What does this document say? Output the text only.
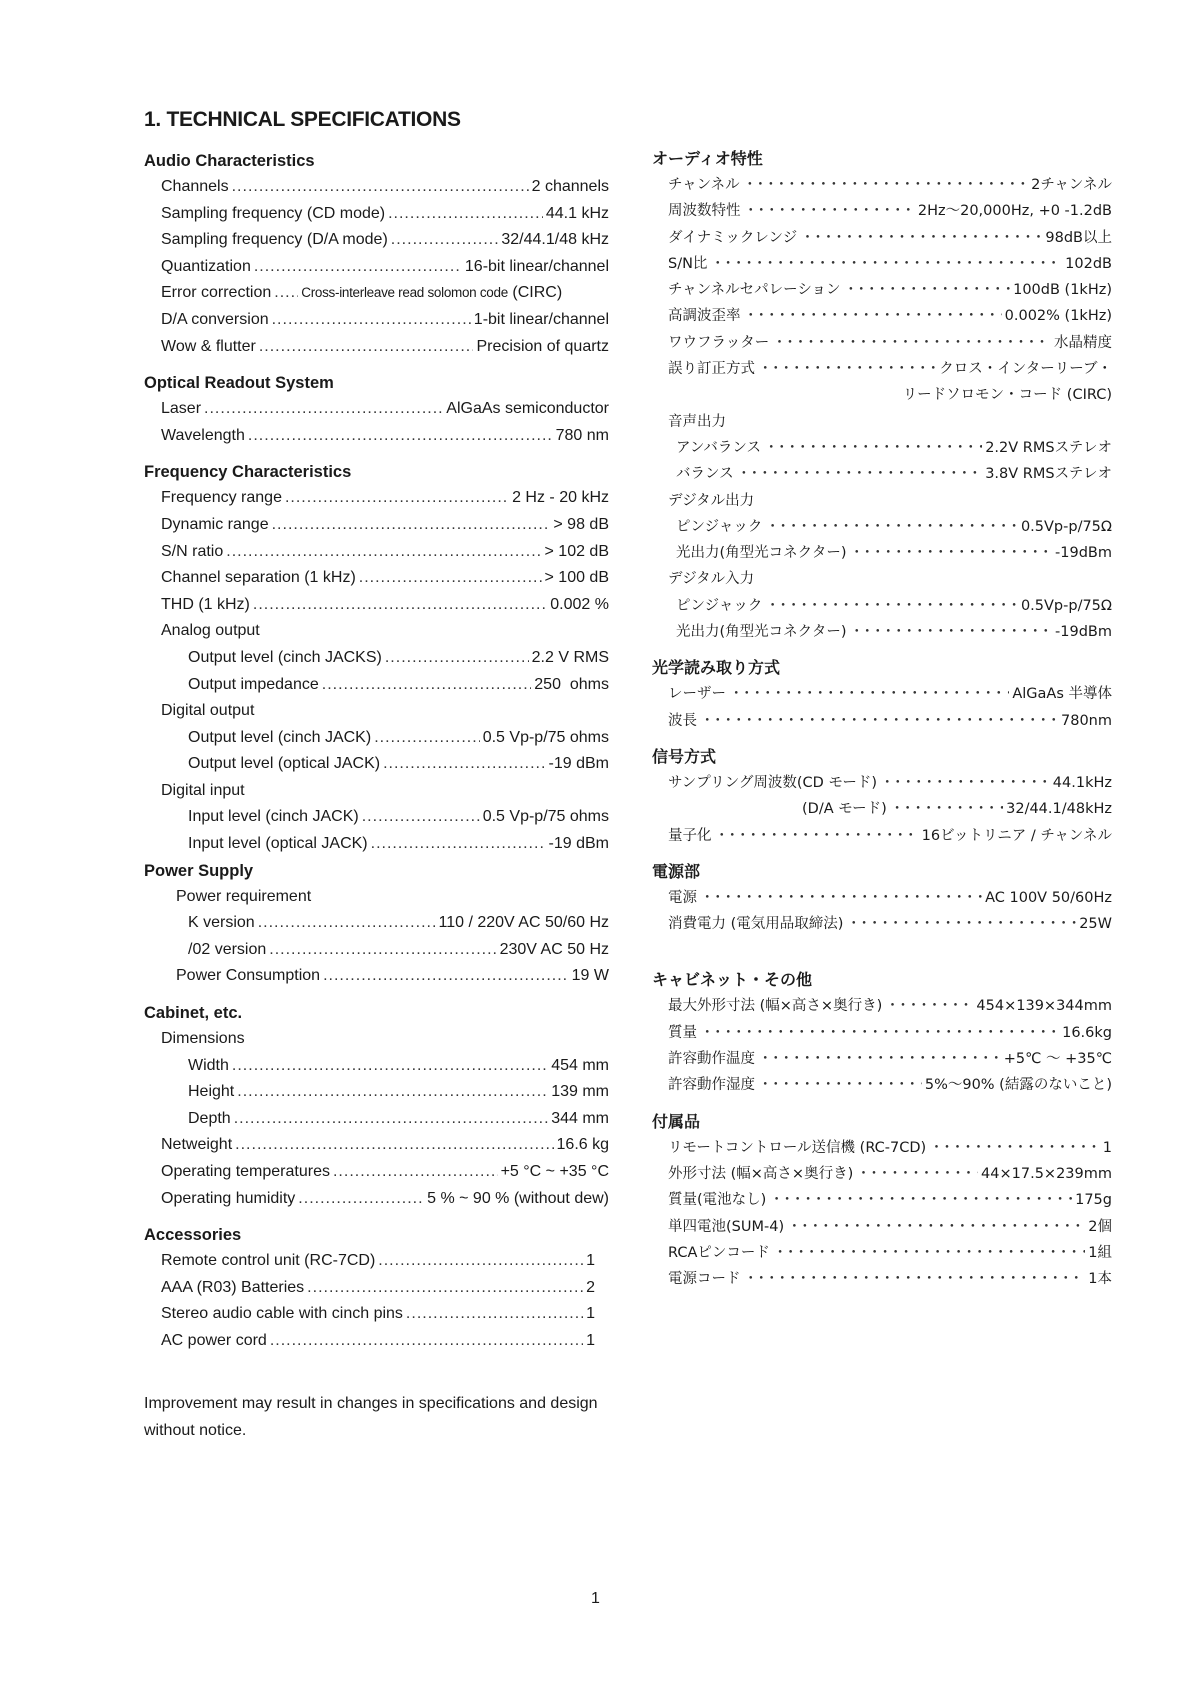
1. TECHNICAL SPECIFICATIONS
Audio Characteristics
Channels .....	2 channels
Sampling frequency (CD mode) .....	44.1 kHz
Sampling frequency (D/A mode) .....	32/44.1/48 kHz
Quantization .....	16-bit linear/channel
Error correction ..... Cross-interleave read solomon code (CIRC)
D/A conversion .....	1-bit linear/channel
Wow & flutter .....	Precision of quartz
Optical Readout System
Laser .....	AlGaAs semiconductor
Wavelength .....	780 nm
Frequency Characteristics
Frequency range .....	2 Hz - 20 kHz
Dynamic range .....	> 98 dB
S/N ratio .....	> 102 dB
Channel separation (1 kHz) .....	> 100 dB
THD (1 kHz) .....	0.002 %
Analog output
Output level (cinch JACKS) .....	2.2 V RMS
Output impedance .....	250  ohms
Digital output
Output level (cinch JACK) .....	0.5 Vp-p/75 ohms
Output level (optical JACK) .....	-19 dBm
Digital input
Input level (cinch JACK) .....	0.5 Vp-p/75 ohms
Input level (optical JACK) .....	-19 dBm
Power Supply
Power requirement
K version .....	110 / 220V AC 50/60 Hz
/02 version .....	230V AC 50 Hz
Power Consumption .....	19 W
Cabinet, etc.
Dimensions
Width .....	454 mm
Height .....	139 mm
Depth .....	344 mm
Netweight .....	16.6 kg
Operating temperatures .....	+5 °C ~ +35 °C
Operating humidity .....	5 % ~ 90 % (without dew)
Accessories
Remote control unit (RC-7CD) .....	1
AAA (R03) Batteries .....	2
Stereo audio cable with cinch pins .....	1
AC power cord .....	1
Improvement may result in changes in specifications and design without notice.
オーディオ特性
チャンネル ・・・・・・・・・・・・・・・・・・・・・・・・・・・・・・・・・・・・・・・・・・・・・・・・・・・・・・・・・・・・・・・・	2チャンネル
周波数特性 ・・・・・・・・・・・・・・・・・・・・・・・・・・・・・・・・・・・・・・・・・・・・・・・・・・・・・・・・・・・・・・・・	2Hz～20,000Hz, +0 -1.2dB
ダイナミックレンジ ・・・・・・・・・・・・・・・・・・・・・・・・・・・・・・・・・・・・・・・・・・・・・・・・・・・・・・・・・・・・・・・・	98dB以上
S/N比 ・・・・・・・・・・・・・・・・・・・・・・・・・・・・・・・・・・・・・・・・・・・・・・・・・・・・・・・・・・・・・・・・	102dB
チャンネルセパレーション ・・・・・・・・・・・・・・・・・・・・・・・・・・・・・・・・・・・・・・・・・・・・・・・・・・・・・・・・・・・・・・・・	100dB (1kHz)
高調波歪率 ・・・・・・・・・・・・・・・・・・・・・・・・・・・・・・・・・・・・・・・・・・・・・・・・・・・・・・・・・・・・・・・・	0.002% (1kHz)
ワウフラッター ・・・・・・・・・・・・・・・・・・・・・・・・・・・・・・・・・・・・・・・・・・・・・・・・・・・・・・・・・・・・・・・・	水晶精度
誤り訂正方式 ・・・・・・・・・・・・・・・・・・・・・・・・・・・・・・・・・・・・・・・・・・・・・・・・・・・・・・・・・・・・・・・・	クロス・インターリーブ・
リードソロモン・コード (CIRC)
音声出力
アンバランス ・・・・・・・・・・・・・・・・・・・・・・・・・・・・・・・・・・・・・・・・・・・・・・・・・・・・・・・・・・・・・・・・	2.2V RMSステレオ
バランス ・・・・・・・・・・・・・・・・・・・・・・・・・・・・・・・・・・・・・・・・・・・・・・・・・・・・・・・・・・・・・・・・	3.8V RMSステレオ
デジタル出力
ピンジャック ・・・・・・・・・・・・・・・・・・・・・・・・・・・・・・・・・・・・・・・・・・・・・・・・・・・・・・・・・・・・・・・・	0.5Vp-p/75Ω
光出力(角型光コネクター) ・・・・・・・・・・・・・・・・・・・・・・・・・・・・・・・・・・・・・・・・・・・・・・・・・・・・・・・・・・・・・・・・	-19dBm
デジタル入力
ピンジャック ・・・・・・・・・・・・・・・・・・・・・・・・・・・・・・・・・・・・・・・・・・・・・・・・・・・・・・・・・・・・・・・・	0.5Vp-p/75Ω
光出力(角型光コネクター) ・・・・・・・・・・・・・・・・・・・・・・・・・・・・・・・・・・・・・・・・・・・・・・・・・・・・・・・・・・・・・・・・	-19dBm
光学読み取り方式
レーザー ・・・・・・・・・・・・・・・・・・・・・・・・・・・・・・・・・・・・・・・・・・・・・・・・・・・・・・・・・・・・・・・・	AlGaAs 半導体
波長 ・・・・・・・・・・・・・・・・・・・・・・・・・・・・・・・・・・・・・・・・・・・・・・・・・・・・・・・・・・・・・・・・	780nm
信号方式
サンプリング周波数(CD モード) ・・・・・・・・・・・・・・・・・・・・・・・・・・・・・・・・・・・・・・・・・・・・・・・・・・・・・・・・・・・・・・・・	44.1kHz
(D/A モード) ・・・・・・・・・・・・・・・・・・・・・・・・・・・・・・・・・・・・・・・・・・・・・・・・・・・・・・・・・・・・・・・・	32/44.1/48kHz
量子化 ・・・・・・・・・・・・・・・・・・・・・・・・・・・・・・・・・・・・・・・・・・・・・・・・・・・・・・・・・・・・・・・・	16ビットリニア / チャンネル
電源部
電源 ・・・・・・・・・・・・・・・・・・・・・・・・・・・・・・・・・・・・・・・・・・・・・・・・・・・・・・・・・・・・・・・・	AC 100V 50/60Hz
消費電力 (電気用品取締法) ・・・・・・・・・・・・・・・・・・・・・・・・・・・・・・・・・・・・・・・・・・・・・・・・・・・・・・・・・・・・・・・・	25W
キャビネット・その他
最大外形寸法 (幅×高さ×奥行き) ・・・・・・・・・・・・・・・・・・・・・・・・・・・・・・・・・・・・・・・・・・・・・・・・・・・・・・・・・・・・・・・・	454×139×344mm
質量 ・・・・・・・・・・・・・・・・・・・・・・・・・・・・・・・・・・・・・・・・・・・・・・・・・・・・・・・・・・・・・・・・	16.6kg
許容動作温度 ・・・・・・・・・・・・・・・・・・・・・・・・・・・・・・・・・・・・・・・・・・・・・・・・・・・・・・・・・・・・・・・・	+5℃ ～ +35℃
許容動作湿度 ・・・・・・・・・・・・・・・・・・・・・・・・・・・・・・・・・・・・・・・・・・・・・・・・・・・・・・・・・・・・・・・・	5%～90% (結露のないこと)
付属品
リモートコントロール送信機 (RC-7CD) ・・・・・・・・・・・・・・・・・・・・・・・・・・・・・・・・・・・・・・・・・・・・・・・・・・・・・・・・・・・・・・・・	1
外形寸法 (幅×高さ×奥行き) ・・・・・・・・・・・・・・・・・・・・・・・・・・・・・・・・・・・・・・・・・・・・・・・・・・・・・・・・・・・・・・・・	44×17.5×239mm
質量(電池なし) ・・・・・・・・・・・・・・・・・・・・・・・・・・・・・・・・・・・・・・・・・・・・・・・・・・・・・・・・・・・・・・・・	175g
単四電池(SUM-4) ・・・・・・・・・・・・・・・・・・・・・・・・・・・・・・・・・・・・・・・・・・・・・・・・・・・・・・・・・・・・・・・・	2個
RCAピンコード ・・・・・・・・・・・・・・・・・・・・・・・・・・・・・・・・・・・・・・・・・・・・・・・・・・・・・・・・・・・・・・・・	1組
電源コード ・・・・・・・・・・・・・・・・・・・・・・・・・・・・・・・・・・・・・・・・・・・・・・・・・・・・・・・・・・・・・・・・	1本
1
